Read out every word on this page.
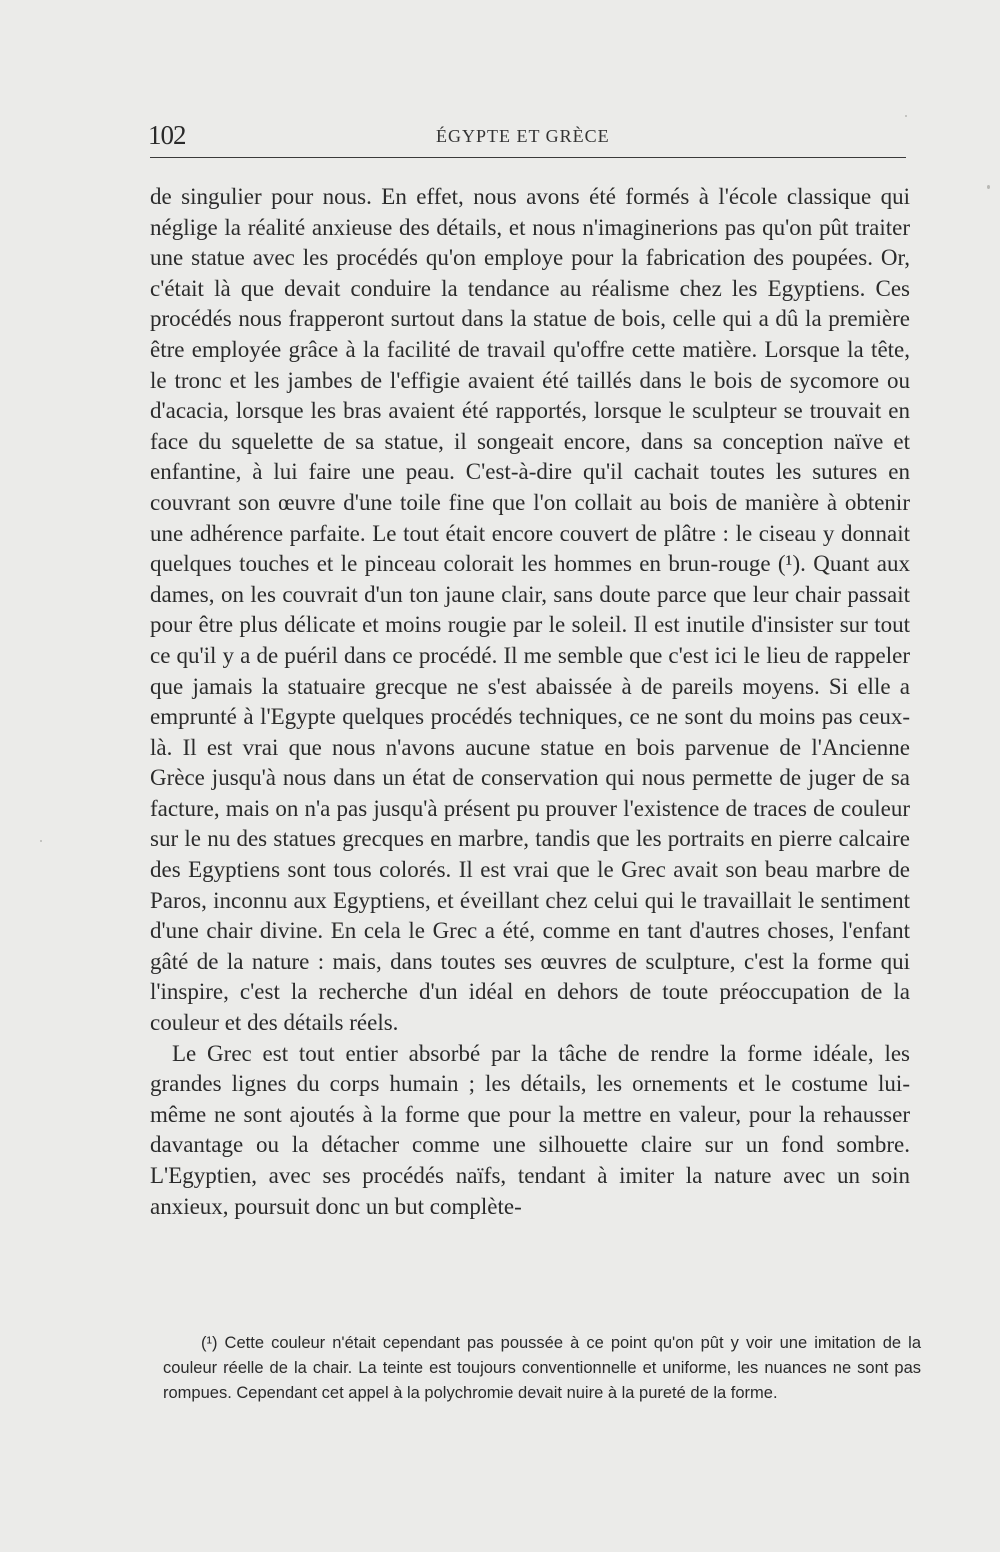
102	ÉGYPTE ET GRÈCE

de singulier pour nous. En effet, nous avons été formés à l'école classique qui néglige la réalité anxieuse des détails, et nous n'imaginerions pas qu'on pût traiter une statue avec les procédés qu'on employe pour la fabrication des poupées. Or, c'était là que devait conduire la tendance au réalisme chez les Egyptiens. Ces procédés nous frapperont surtout dans la statue de bois, celle qui a dû la première être employée grâce à la facilité de travail qu'offre cette matière. Lorsque la tête, le tronc et les jambes de l'effigie avaient été taillés dans le bois de sycomore ou d'acacia, lorsque les bras avaient été rapportés, lorsque le sculpteur se trouvait en face du squelette de sa statue, il songeait encore, dans sa conception naïve et enfantine, à lui faire une peau. C'est-à-dire qu'il cachait toutes les sutures en couvrant son œuvre d'une toile fine que l'on collait au bois de manière à obtenir une adhérence parfaite. Le tout était encore couvert de plâtre : le ciseau y donnait quelques touches et le pinceau colorait les hommes en brun-rouge (¹). Quant aux dames, on les couvrait d'un ton jaune clair, sans doute parce que leur chair passait pour être plus délicate et moins rougie par le soleil. Il est inutile d'insister sur tout ce qu'il y a de puéril dans ce procédé. Il me semble que c'est ici le lieu de rappeler que jamais la statuaire grecque ne s'est abaissée à de pareils moyens. Si elle a emprunté à l'Egypte quelques procédés techniques, ce ne sont du moins pas ceux-là. Il est vrai que nous n'avons aucune statue en bois parvenue de l'Ancienne Grèce jusqu'à nous dans un état de conservation qui nous permette de juger de sa facture, mais on n'a pas jusqu'à présent pu prouver l'existence de traces de couleur sur le nu des statues grecques en marbre, tandis que les portraits en pierre calcaire des Egyptiens sont tous colorés. Il est vrai que le Grec avait son beau marbre de Paros, inconnu aux Egyptiens, et éveillant chez celui qui le travaillait le sentiment d'une chair divine. En cela le Grec a été, comme en tant d'autres choses, l'enfant gâté de la nature : mais, dans toutes ses œuvres de sculpture, c'est la forme qui l'inspire, c'est la recherche d'un idéal en dehors de toute préoccupation de la couleur et des détails réels.

Le Grec est tout entier absorbé par la tâche de rendre la forme idéale, les grandes lignes du corps humain ; les détails, les ornements et le costume lui-même ne sont ajoutés à la forme que pour la mettre en valeur, pour la rehausser davantage ou la détacher comme une silhouette claire sur un fond sombre. L'Egyptien, avec ses procédés naïfs, tendant à imiter la nature avec un soin anxieux, poursuit donc un but complète-

(¹) Cette couleur n'était cependant pas poussée à ce point qu'on pût y voir une imitation de la couleur réelle de la chair. La teinte est toujours conventionnelle et uniforme, les nuances ne sont pas rompues. Cependant cet appel à la polychromie devait nuire à la pureté de la forme.
